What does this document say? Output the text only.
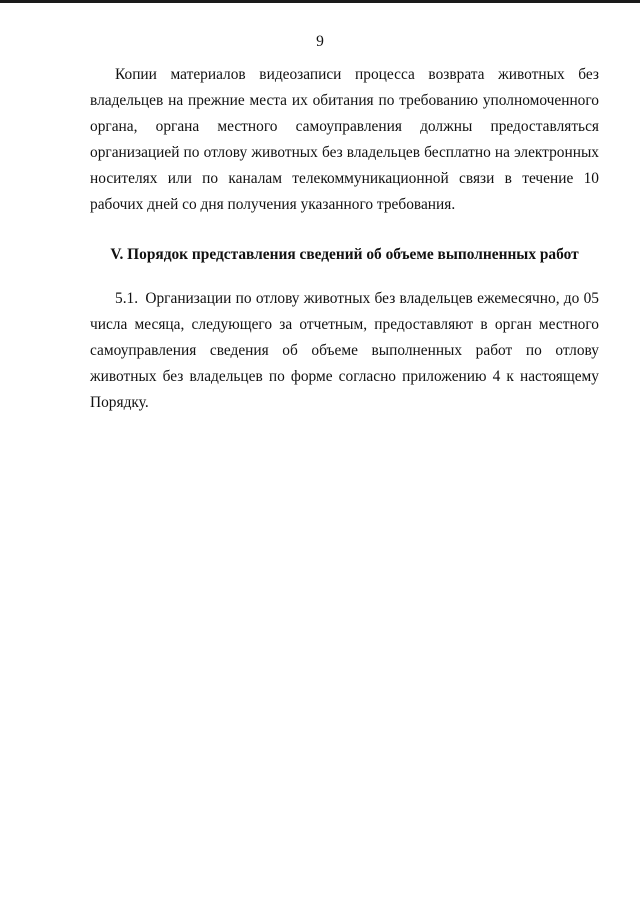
9

Копии материалов видеозаписи процесса возврата животных без владельцев на прежние места их обитания по требованию уполномоченного органа, органа местного самоуправления должны предоставляться организацией по отлову животных без владельцев бесплатно на электронных носителях или по каналам телекоммуникационной связи в течение 10 рабочих дней со дня получения указанного требования.

V. Порядок представления сведений об объеме выполненных работ

5.1. Организации по отлову животных без владельцев ежемесячно, до 05 числа месяца, следующего за отчетным, предоставляют в орган местного самоуправления сведения об объеме выполненных работ по отлову животных без владельцев по форме согласно приложению 4 к настоящему Порядку.
